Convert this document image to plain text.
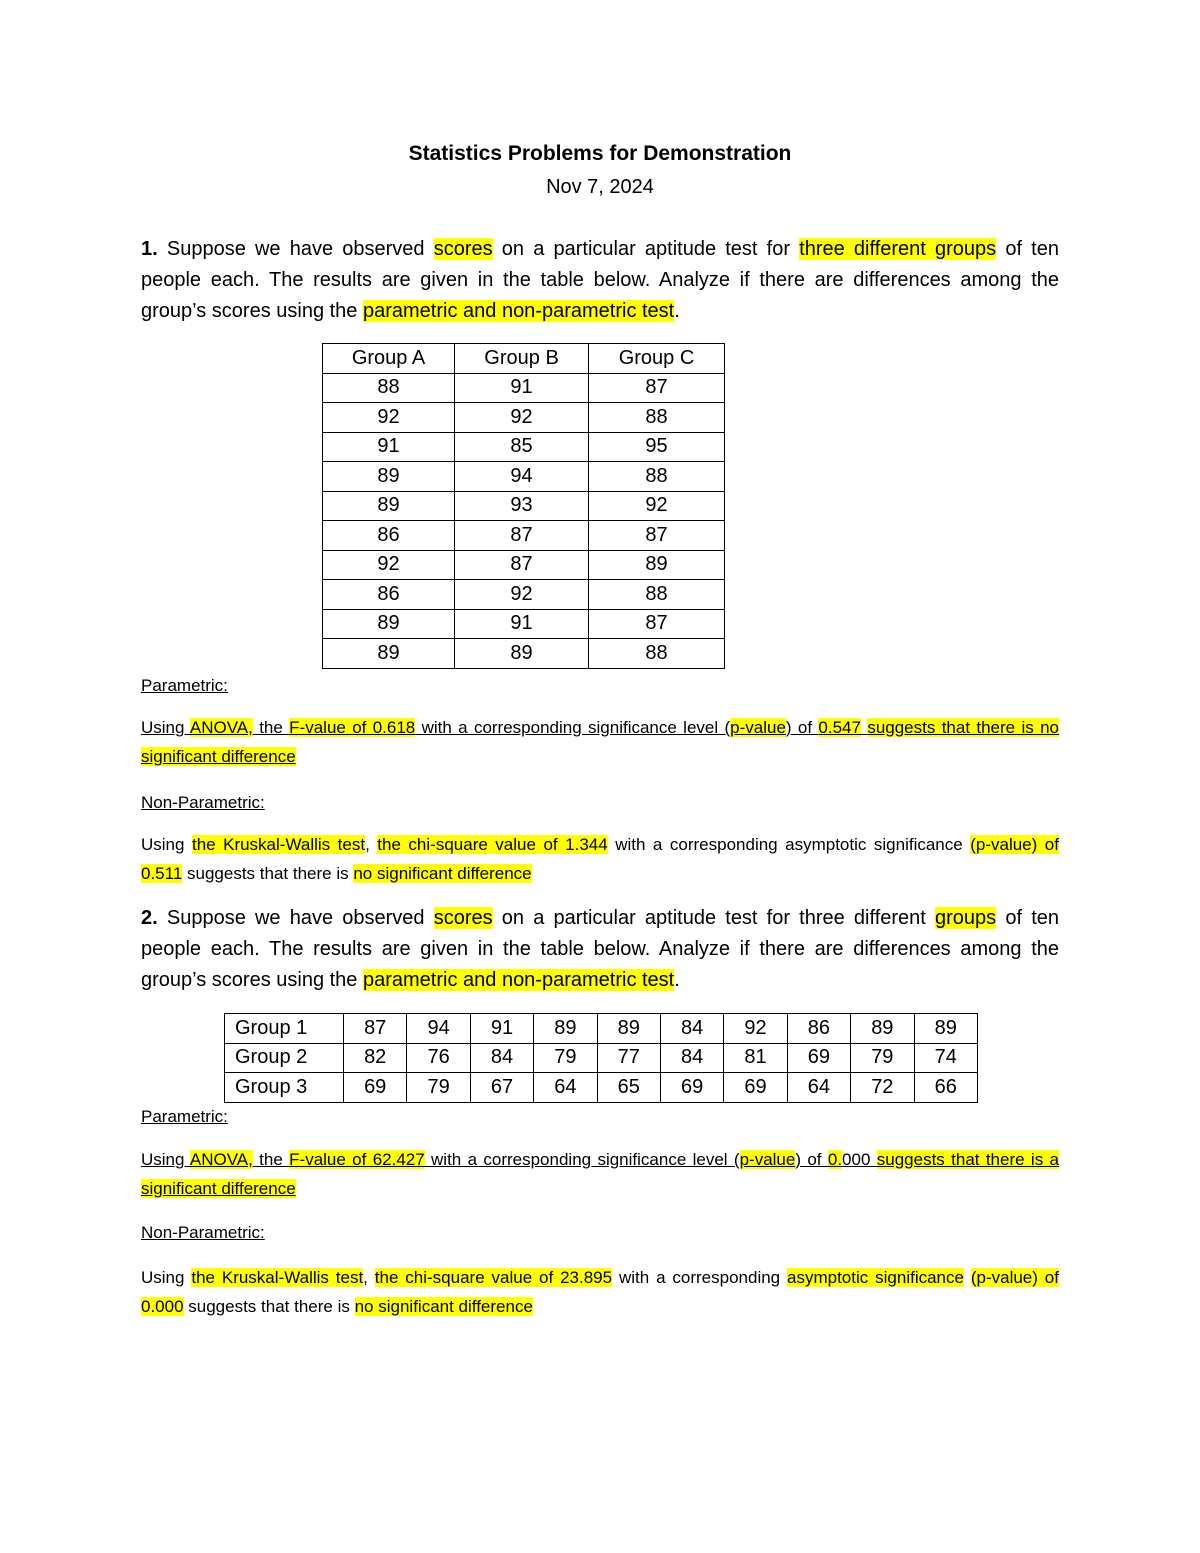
Statistics Problems for Demonstration
Nov 7, 2024
1. Suppose we have observed scores on a particular aptitude test for three different groups of ten people each. The results are given in the table below. Analyze if there are differences among the group’s scores using the parametric and non-parametric test.
Group A	Group B	Group C
88	91	87
92	92	88
91	85	95
89	94	88
89	93	92
86	87	87
92	87	89
86	92	88
89	91	87
89	89	88
Parametric:
Using ANOVA, the F-value of 0.618 with a corresponding significance level (p-value) of 0.547 suggests that there is no significant difference
Non-Parametric:
Using the Kruskal-Wallis test, the chi-square value of 1.344 with a corresponding asymptotic significance (p-value) of 0.511 suggests that there is no significant difference
2. Suppose we have observed scores on a particular aptitude test for three different groups of ten people each. The results are given in the table below. Analyze if there are differences among the group’s scores using the parametric and non-parametric test.
Group 1	87	94	91	89	89	84	92	86	89	89
Group 2	82	76	84	79	77	84	81	69	79	74
Group 3	69	79	67	64	65	69	69	64	72	66
Parametric:
Using ANOVA, the F-value of 62.427 with a corresponding significance level (p-value) of 0.000 suggests that there is a significant difference
Non-Parametric:
Using the Kruskal-Wallis test, the chi-square value of 23.895 with a corresponding asymptotic significance (p-value) of 0.000 suggests that there is no significant difference
